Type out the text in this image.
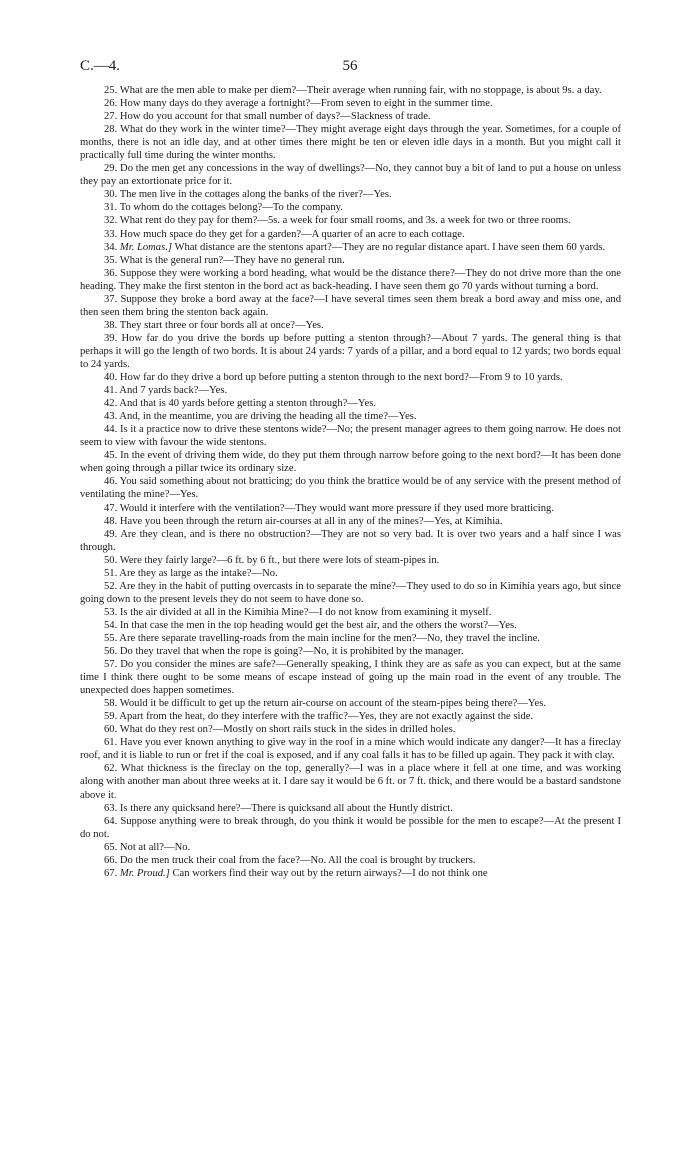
C.—4.	56

25. What are the men able to make per diem?—Their average when running fair, with no stoppage, is about 9s. a day.

26. How many days do they average a fortnight?—From seven to eight in the summer time.

27. How do you account for that small number of days?—Slackness of trade.

28. What do they work in the winter time?—They might average eight days through the year. Sometimes, for a couple of months, there is not an idle day, and at other times there might be ten or eleven idle days in a month. But you might call it practically full time during the winter months.

29. Do the men get any concessions in the way of dwellings?—No, they cannot buy a bit of land to put a house on unless they pay an extortionate price for it.

30. The men live in the cottages along the banks of the river?—Yes.

31. To whom do the cottages belong?—To the company.

32. What rent do they pay for them?—5s. a week for four small rooms, and 3s. a week for two or three rooms.

33. How much space do they get for a garden?—A quarter of an acre to each cottage.

34. Mr. Lomas.] What distance are the stentons apart?—They are no regular distance apart. I have seen them 60 yards.

35. What is the general run?—They have no general run.

36. Suppose they were working a bord heading, what would be the distance there?—They do not drive more than the one heading. They make the first stenton in the bord act as back-heading. I have seen them go 70 yards without turning a bord.

37. Suppose they broke a bord away at the face?—I have several times seen them break a bord away and miss one, and then seen them bring the stenton back again.

38. They start three or four bords all at once?—Yes.

39. How far do you drive the bords up before putting a stenton through?—About 7 yards. The general thing is that perhaps it will go the length of two bords. It is about 24 yards: 7 yards of a pillar, and a bord equal to 12 yards; two bords equal to 24 yards.

40. How far do they drive a bord up before putting a stenton through to the next bord?—From 9 to 10 yards.

41. And 7 yards back?—Yes.

42. And that is 40 yards before getting a stenton through?—Yes.

43. And, in the meantime, you are driving the heading all the time?—Yes.

44. Is it a practice now to drive these stentons wide?—No; the present manager agrees to them going narrow. He does not seem to view with favour the wide stentons.

45. In the event of driving them wide, do they put them through narrow before going to the next bord?—It has been done when going through a pillar twice its ordinary size.

46. You said something about not bratticing; do you think the brattice would be of any service with the present method of ventilating the mine?—Yes.

47. Would it interfere with the ventilation?—They would want more pressure if they used more bratticing.

48. Have you been through the return air-courses at all in any of the mines?—Yes, at Kimihia.

49. Are they clean, and is there no obstruction?—They are not so very bad. It is over two years and a half since I was through.

50. Were they fairly large?—6 ft. by 6 ft., but there were lots of steam-pipes in.

51. Are they as large as the intake?—No.

52. Are they in the habit of putting overcasts in to separate the mine?—They used to do so in Kimihia years ago, but since going down to the present levels they do not seem to have done so.

53. Is the air divided at all in the Kimihia Mine?—I do not know from examining it myself.

54. In that case the men in the top heading would get the best air, and the others the worst?—Yes.

55. Are there separate travelling-roads from the main incline for the men?—No, they travel the incline.

56. Do they travel that when the rope is going?—No, it is prohibited by the manager.

57. Do you consider the mines are safe?—Generally speaking, I think they are as safe as you can expect, but at the same time I think there ought to be some means of escape instead of going up the main road in the event of any trouble. The unexpected does happen sometimes.

58. Would it be difficult to get up the return air-course on account of the steam-pipes being there?—Yes.

59. Apart from the heat, do they interfere with the traffic?—Yes, they are not exactly against the side.

60. What do they rest on?—Mostly on short rails stuck in the sides in drilled holes.

61. Have you ever known anything to give way in the roof in a mine which would indicate any danger?—It has a fireclay roof, and it is liable to run or fret if the coal is exposed, and if any coal falls it has to be filled up again. They pack it with clay.

62. What thickness is the fireclay on the top, generally?—I was in a place where it fell at one time, and was working along with another man about three weeks at it. I dare say it would be 6 ft. or 7 ft. thick, and there would be a bastard sandstone above it.

63. Is there any quicksand here?—There is quicksand all about the Huntly district.

64. Suppose anything were to break through, do you think it would be possible for the men to escape?—At the present I do not.

65. Not at all?—No.

66. Do the men truck their coal from the face?—No. All the coal is brought by truckers.

67. Mr. Proud.] Can workers find their way out by the return airways?—I do not think one
